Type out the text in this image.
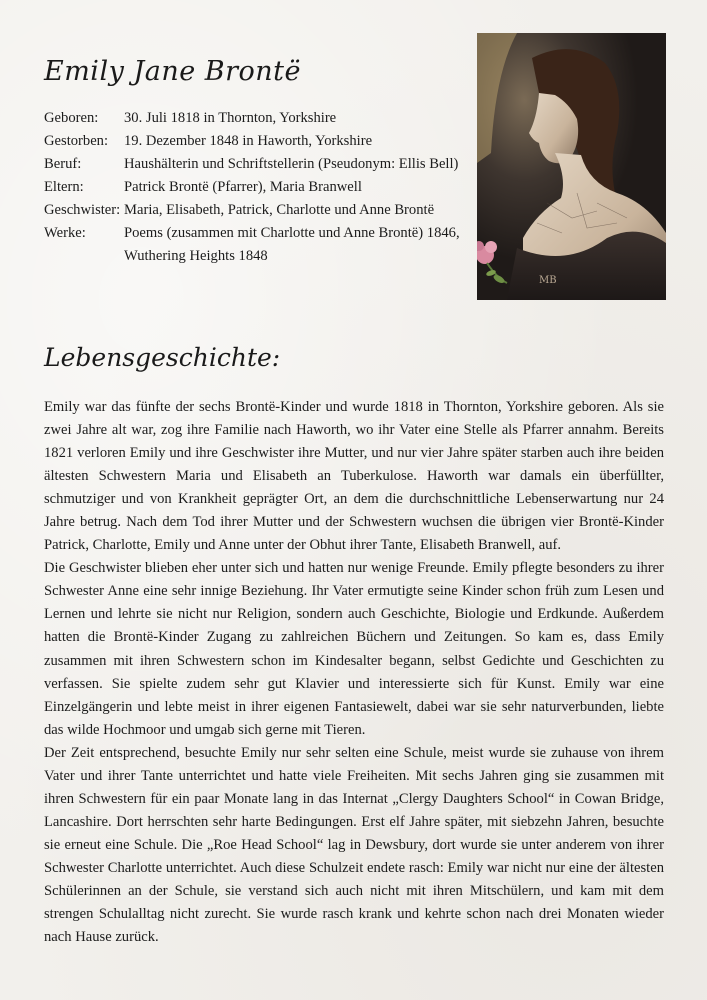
Emily Jane Brontë
Geboren:	30. Juli 1818 in Thornton, Yorkshire
Gestorben:	19. Dezember 1848 in Haworth, Yorkshire
Beruf:	Haushälterin und Schriftstellerin (Pseudonym: Ellis Bell)
Eltern:	Patrick Brontë (Pfarrer), Maria Branwell
Geschwister: Maria, Elisabeth, Patrick, Charlotte und Anne Brontë
Werke:	Poems (zusammen mit Charlotte und Anne Brontë) 1846, Wuthering Heights 1848
MB
Lebensgeschichte:

Emily war das fünfte der sechs Brontë-Kinder und wurde 1818 in Thornton, Yorkshire geboren. Als sie zwei Jahre alt war, zog ihre Familie nach Haworth, wo ihr Vater eine Stelle als Pfarrer annahm. Bereits 1821 verloren Emily und ihre Geschwister ihre Mutter, und nur vier Jahre später starben auch ihre beiden ältesten Schwestern Maria und Elisabeth an Tuberkulose. Haworth war damals ein überfüllter, schmutziger und von Krankheit geprägter Ort, an dem die durchschnittliche Lebenserwartung nur 24 Jahre betrug. Nach dem Tod ihrer Mutter und der Schwestern wuchsen die übrigen vier Brontë-Kinder Patrick, Charlotte, Emily und Anne unter der Obhut ihrer Tante, Elisabeth Branwell, auf.

Die Geschwister blieben eher unter sich und hatten nur wenige Freunde. Emily pflegte besonders zu ihrer Schwester Anne eine sehr innige Beziehung. Ihr Vater ermutigte seine Kinder schon früh zum Lesen und Lernen und lehrte sie nicht nur Religion, sondern auch Geschichte, Biologie und Erdkunde. Außerdem hatten die Brontë-Kinder Zugang zu zahlreichen Büchern und Zeitungen. So kam es, dass Emily zusammen mit ihren Schwestern schon im Kindesalter begann, selbst Gedichte und Geschichten zu verfassen. Sie spielte zudem sehr gut Klavier und interessierte sich für Kunst. Emily war eine Einzelgängerin und lebte meist in ihrer eigenen Fantasiewelt, dabei war sie sehr naturverbunden, liebte das wilde Hochmoor und umgab sich gerne mit Tieren.

Der Zeit entsprechend, besuchte Emily nur sehr selten eine Schule, meist wurde sie zuhause von ihrem Vater und ihrer Tante unterrichtet und hatte viele Freiheiten. Mit sechs Jahren ging sie zusammen mit ihren Schwestern für ein paar Monate lang in das Internat „Clergy Daughters School“ in Cowan Bridge, Lancashire. Dort herrschten sehr harte Bedingungen. Erst elf Jahre später, mit siebzehn Jahren, besuchte sie erneut eine Schule. Die „Roe Head School“ lag in Dewsbury, dort wurde sie unter anderem von ihrer Schwester Charlotte unterrichtet. Auch diese Schulzeit endete rasch: Emily war nicht nur eine der ältesten Schülerinnen an der Schule, sie verstand sich auch nicht mit ihren Mitschülern, und kam mit dem strengen Schulalltag nicht zurecht. Sie wurde rasch krank und kehrte schon nach drei Monaten wieder nach Hause zurück.
